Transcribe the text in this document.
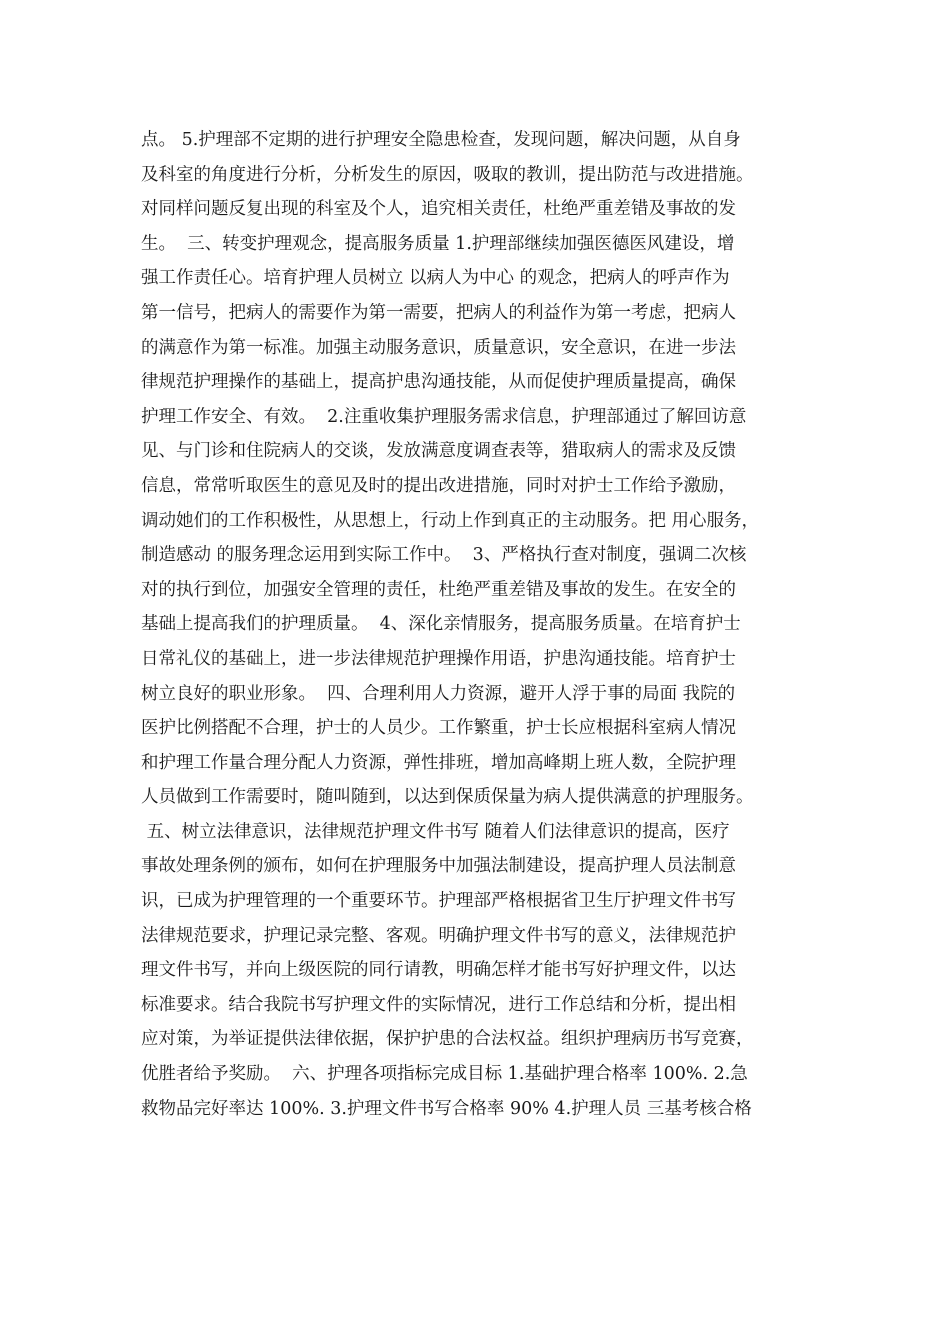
点。 5.护理部不定期的进行护理安全隐患检查，发现问题，解决问题，从自身
及科室的角度进行分析，分析发生的原因，吸取的教训，提出防范与改进措施。
对同样问题反复出现的科室及个人，追究相关责任，杜绝严重差错及事故的发
生。  三、转变护理观念，提高服务质量 1.护理部继续加强医德医风建设，增
强工作责任心。培育护理人员树立 以病人为中心 的观念，把病人的呼声作为
第一信号，把病人的需要作为第一需要，把病人的利益作为第一考虑，把病人
的满意作为第一标准。加强主动服务意识，质量意识，安全意识，在进一步法
律规范护理操作的基础上，提高护患沟通技能，从而促使护理质量提高，确保
护理工作安全、有效。  2.注重收集护理服务需求信息，护理部通过了解回访意
见、与门诊和住院病人的交谈，发放满意度调查表等，猎取病人的需求及反馈
信息，常常听取医生的意见及时的提出改进措施，同时对护士工作给予激励，
调动她们的工作积极性，从思想上，行动上作到真正的主动服务。把 用心服务，
制造感动 的服务理念运用到实际工作中。  3、严格执行查对制度，强调二次核
对的执行到位，加强安全管理的责任，杜绝严重差错及事故的发生。在安全的
基础上提高我们的护理质量。  4、深化亲情服务，提高服务质量。在培育护士
日常礼仪的基础上，进一步法律规范护理操作用语，护患沟通技能。培育护士
树立良好的职业形象。  四、合理利用人力资源，避开人浮于事的局面 我院的
医护比例搭配不合理，护士的人员少。工作繁重，护士长应根据科室病人情况
和护理工作量合理分配人力资源，弹性排班，增加高峰期上班人数，全院护理
人员做到工作需要时，随叫随到，以达到保质保量为病人提供满意的护理服务。
五、树立法律意识，法律规范护理文件书写 随着人们法律意识的提高，医疗
事故处理条例的颁布，如何在护理服务中加强法制建设，提高护理人员法制意
识，已成为护理管理的一个重要环节。护理部严格根据省卫生厅护理文件书写
法律规范要求，护理记录完整、客观。明确护理文件书写的意义，法律规范护
理文件书写，并向上级医院的同行请教，明确怎样才能书写好护理文件，以达
标准要求。结合我院书写护理文件的实际情况，进行工作总结和分析，提出相
应对策，为举证提供法律依据，保护护患的合法权益。组织护理病历书写竞赛，
优胜者给予奖励。  六、护理各项指标完成目标 1.基础护理合格率 100%. 2.急
救物品完好率达 100%. 3.护理文件书写合格率 90% 4.护理人员 三基考核合格
